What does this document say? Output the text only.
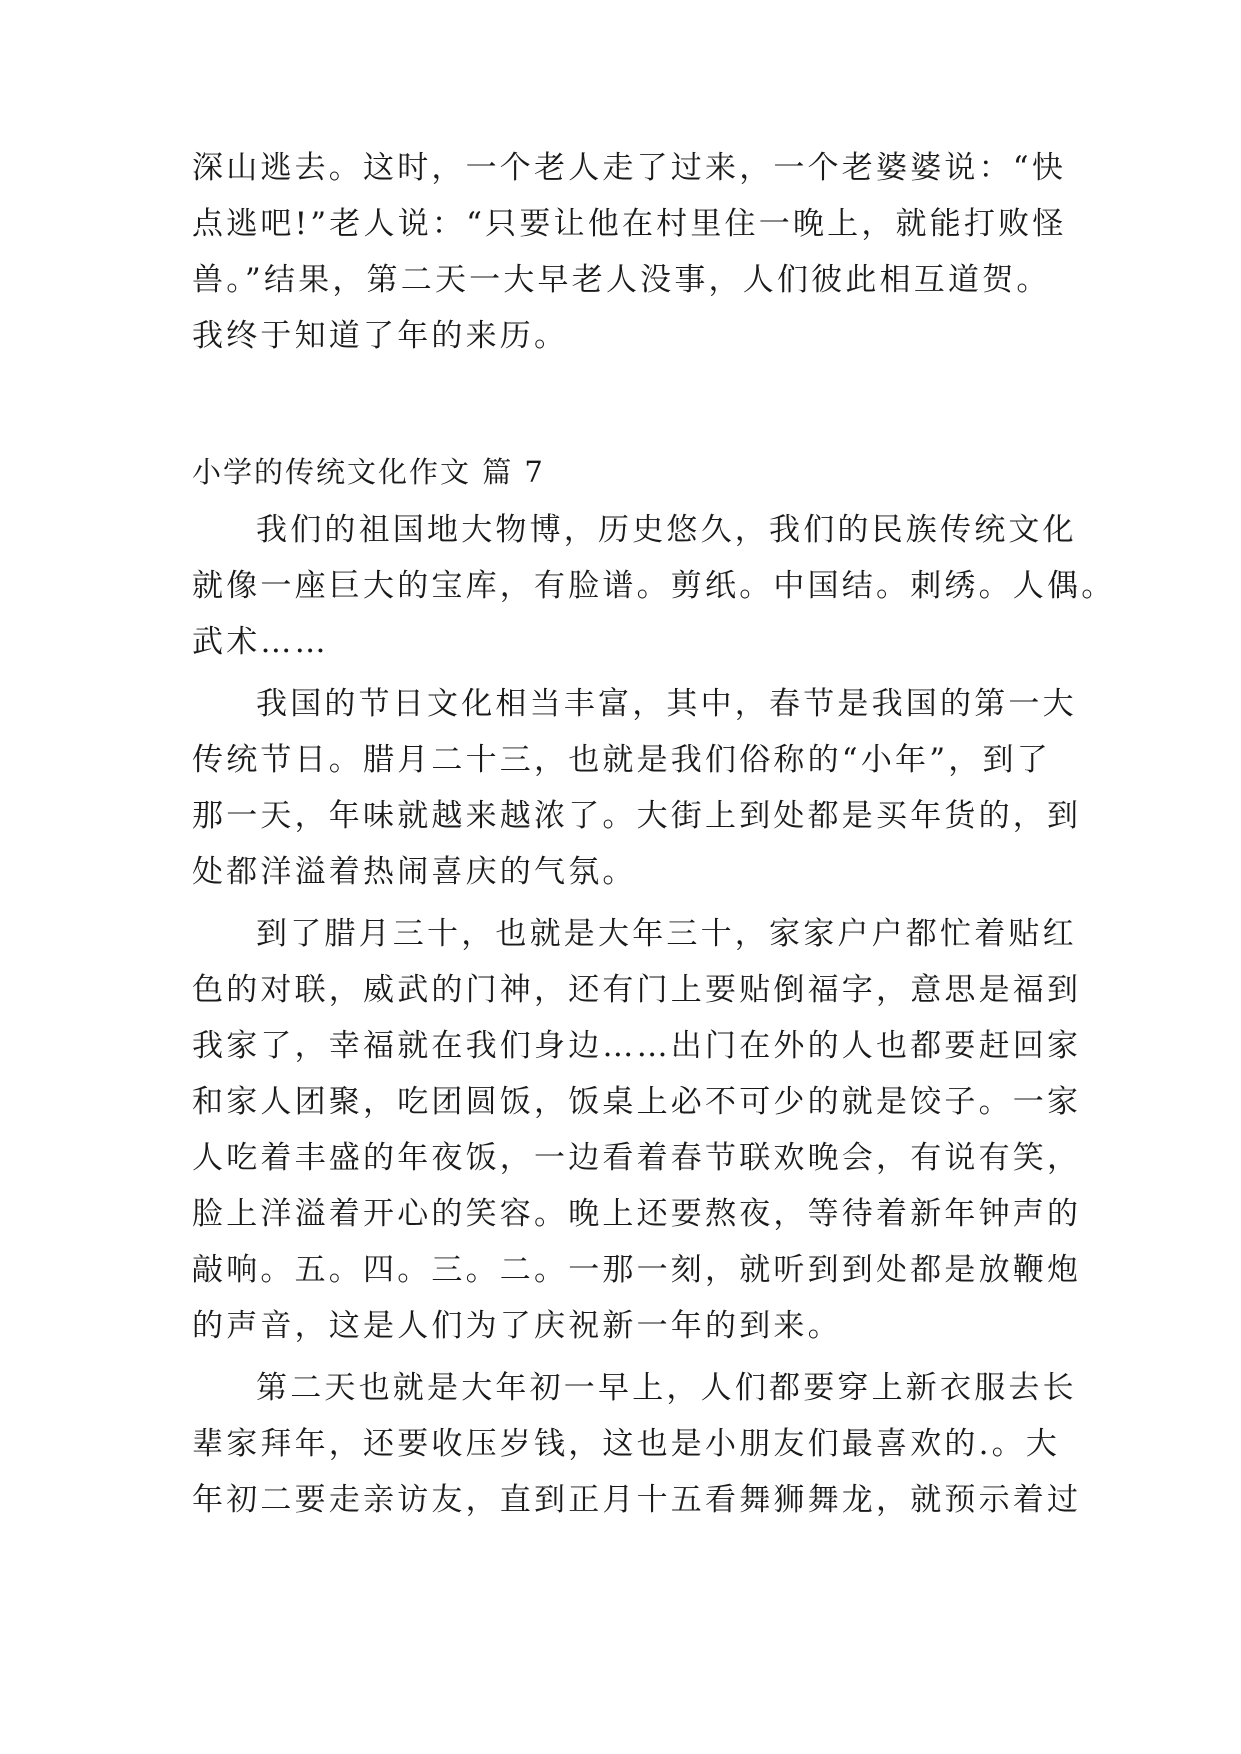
深山逃去。这时，一个老人走了过来，一个老婆婆说：“快
点逃吧!”老人说：“只要让他在村里住一晚上，就能打败怪
兽。”结果，第二天一大早老人没事，人们彼此相互道贺。
我终于知道了年的来历。
小学的传统文化作文 篇 7
我们的祖国地大物博，历史悠久，我们的民族传统文化
就像一座巨大的宝库，有脸谱。剪纸。中国结。刺绣。人偶。
武术……
我国的节日文化相当丰富，其中，春节是我国的第一大
传统节日。腊月二十三，也就是我们俗称的“小年”，到了
那一天，年味就越来越浓了。大街上到处都是买年货的，到
处都洋溢着热闹喜庆的气氛。
到了腊月三十，也就是大年三十，家家户户都忙着贴红
色的对联，威武的门神，还有门上要贴倒福字，意思是福到
我家了，幸福就在我们身边……出门在外的人也都要赶回家
和家人团聚，吃团圆饭，饭桌上必不可少的就是饺子。一家
人吃着丰盛的年夜饭，一边看着春节联欢晚会，有说有笑，
脸上洋溢着开心的笑容。晚上还要熬夜，等待着新年钟声的
敲响。五。四。三。二。一那一刻，就听到到处都是放鞭炮
的声音，这是人们为了庆祝新一年的到来。
第二天也就是大年初一早上，人们都要穿上新衣服去长
辈家拜年，还要收压岁钱，这也是小朋友们最喜欢的.。大
年初二要走亲访友，直到正月十五看舞狮舞龙，就预示着过
